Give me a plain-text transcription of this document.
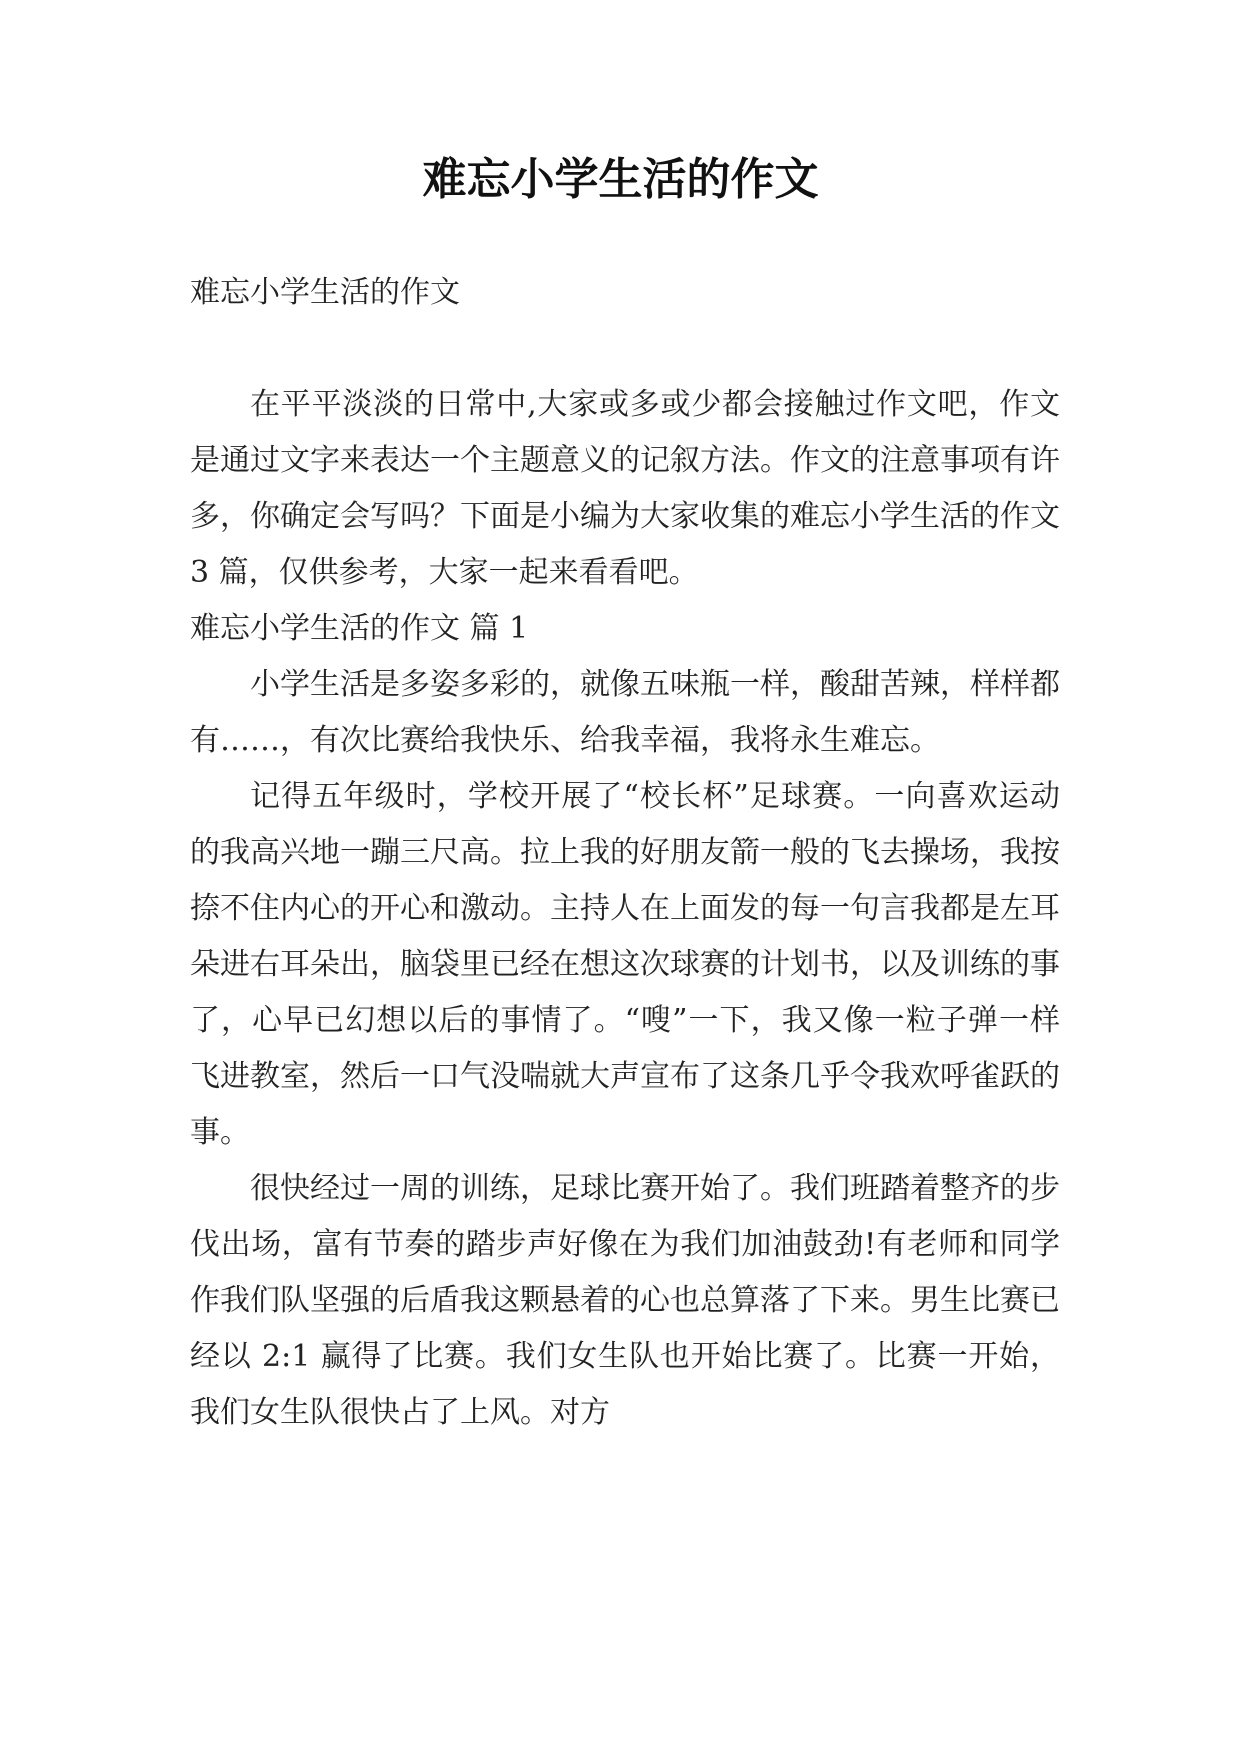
难忘小学生活的作文

难忘小学生活的作文

在平平淡淡的日常中,大家或多或少都会接触过作文吧，作文是通过文字来表达一个主题意义的记叙方法。作文的注意事项有许多，你确定会写吗？下面是小编为大家收集的难忘小学生活的作文 3 篇，仅供参考，大家一起来看看吧。

难忘小学生活的作文 篇 1

小学生活是多姿多彩的，就像五味瓶一样，酸甜苦辣，样样都有……，有次比赛给我快乐、给我幸福，我将永生难忘。

记得五年级时，学校开展了“校长杯”足球赛。一向喜欢运动的我高兴地一蹦三尺高。拉上我的好朋友箭一般的飞去操场，我按捺不住内心的开心和激动。主持人在上面发的每一句言我都是左耳朵进右耳朵出，脑袋里已经在想这次球赛的计划书，以及训练的事了，心早已幻想以后的事情了。“嗖”一下，我又像一粒子弹一样飞进教室，然后一口气没喘就大声宣布了这条几乎令我欢呼雀跃的事。

很快经过一周的训练，足球比赛开始了。我们班踏着整齐的步伐出场，富有节奏的踏步声好像在为我们加油鼓劲!有老师和同学作我们队坚强的后盾我这颗悬着的心也总算落了下来。男生比赛已经以 2:1 赢得了比赛。我们女生队也开始比赛了。比赛一开始，我们女生队很快占了上风。对方
